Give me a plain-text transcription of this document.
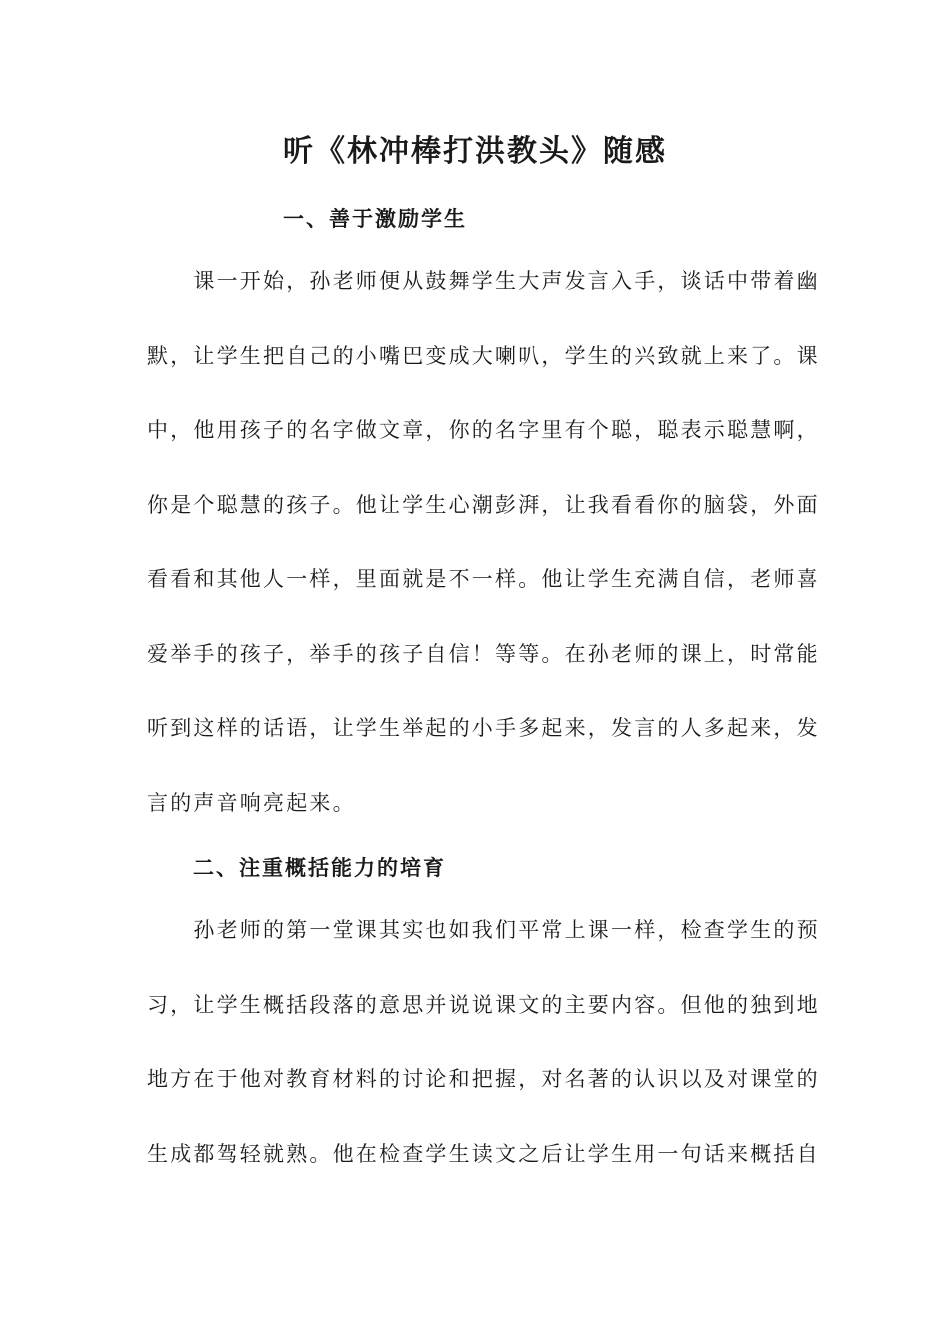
听《林冲棒打洪教头》随感
一、善于激励学生
　　课一开始，孙老师便从鼓舞学生大声发言入手，谈话中带着幽
默，让学生把自己的小嘴巴变成大喇叭，学生的兴致就上来了。课
中，他用孩子的名字做文章，你的名字里有个聪，聪表示聪慧啊，
你是个聪慧的孩子。他让学生心潮彭湃，让我看看你的脑袋，外面
看看和其他人一样，里面就是不一样。他让学生充满自信，老师喜
爱举手的孩子，举手的孩子自信！等等。在孙老师的课上，时常能
听到这样的话语，让学生举起的小手多起来，发言的人多起来，发
言的声音响亮起来。
二、注重概括能力的培育
　　孙老师的第一堂课其实也如我们平常上课一样，检查学生的预
习，让学生概括段落的意思并说说课文的主要内容。但他的独到地
地方在于他对教育材料的讨论和把握，对名著的认识以及对课堂的
生成都驾轻就熟。他在检查学生读文之后让学生用一句话来概括自
